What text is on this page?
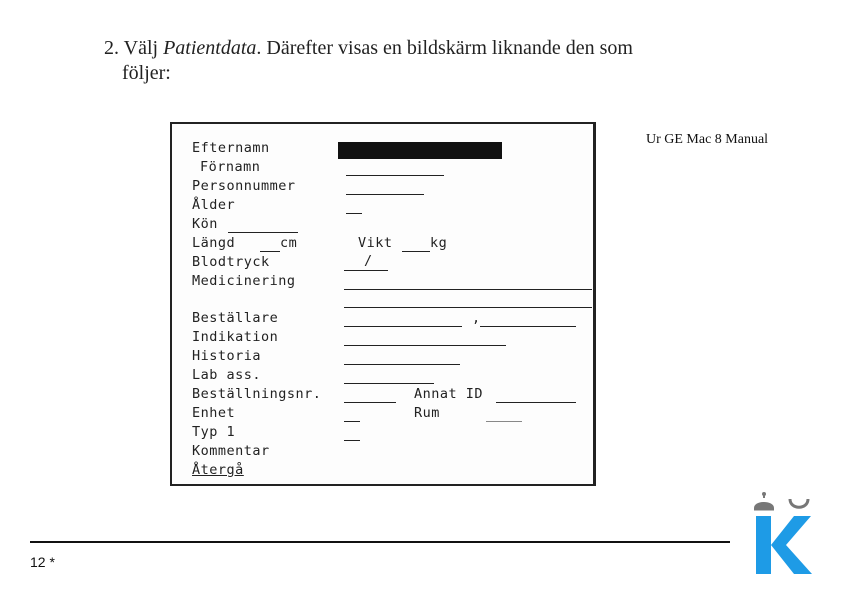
2. Välj Patientdata. Därefter visas en bildskärm liknande den som
följer:
Ur GE Mac 8 Manual
Efternamn
Förnamn
Personnummer
Ålder
Kön
Längd	cm	Vikt	kg
Blodtryck	/
Medicinering
Beställare	,
Indikation
Historia
Lab ass.
Beställningsnr.	Annat ID
Enhet	Rum
Typ 1
Kommentar
Återgå
12 *
